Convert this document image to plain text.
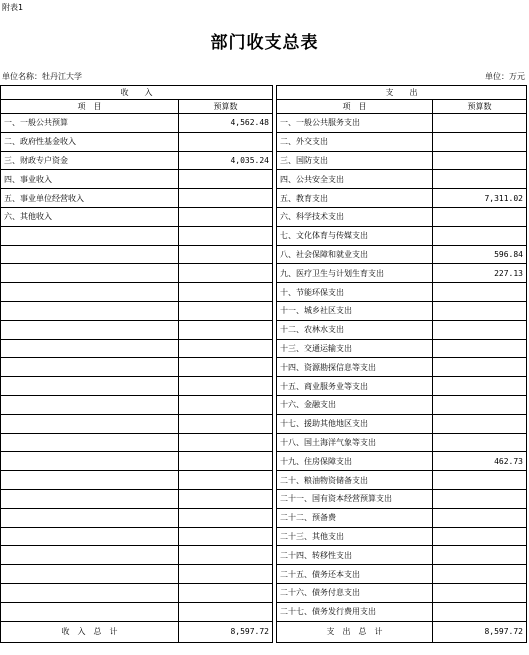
附表1
部门收支总表
单位名称：牡丹江大学	单位：万元
收　　入			支　　出	
项　目	预算数		项　目	预算数
一、一般公共预算	4,562.48		一、一般公共服务支出	
二、政府性基金收入			二、外交支出	
三、财政专户资金	4,035.24		三、国防支出	
四、事业收入			四、公共安全支出	
五、事业单位经营收入			五、教育支出	7,311.02
六、其他收入			六、科学技术支出	
			七、文化体育与传媒支出	
			八、社会保障和就业支出	596.84
			九、医疗卫生与计划生育支出	227.13
			十、节能环保支出	
			十一、城乡社区支出	
			十二、农林水支出	
			十三、交通运输支出	
			十四、资源勘探信息等支出	
			十五、商业服务业等支出	
			十六、金融支出	
			十七、援助其他地区支出	
			十八、国土海洋气象等支出	
			十九、住房保障支出	462.73
			二十、粮油物资储备支出	
			二十一、国有资本经营预算支出	
			二十二、预备费	
			二十三、其他支出	
			二十四、转移性支出	
			二十五、债务还本支出	
			二十六、债务付息支出	
			二十七、债务发行费用支出	
收　入　总　计	8,597.72		支　出　总　计	8,597.72
